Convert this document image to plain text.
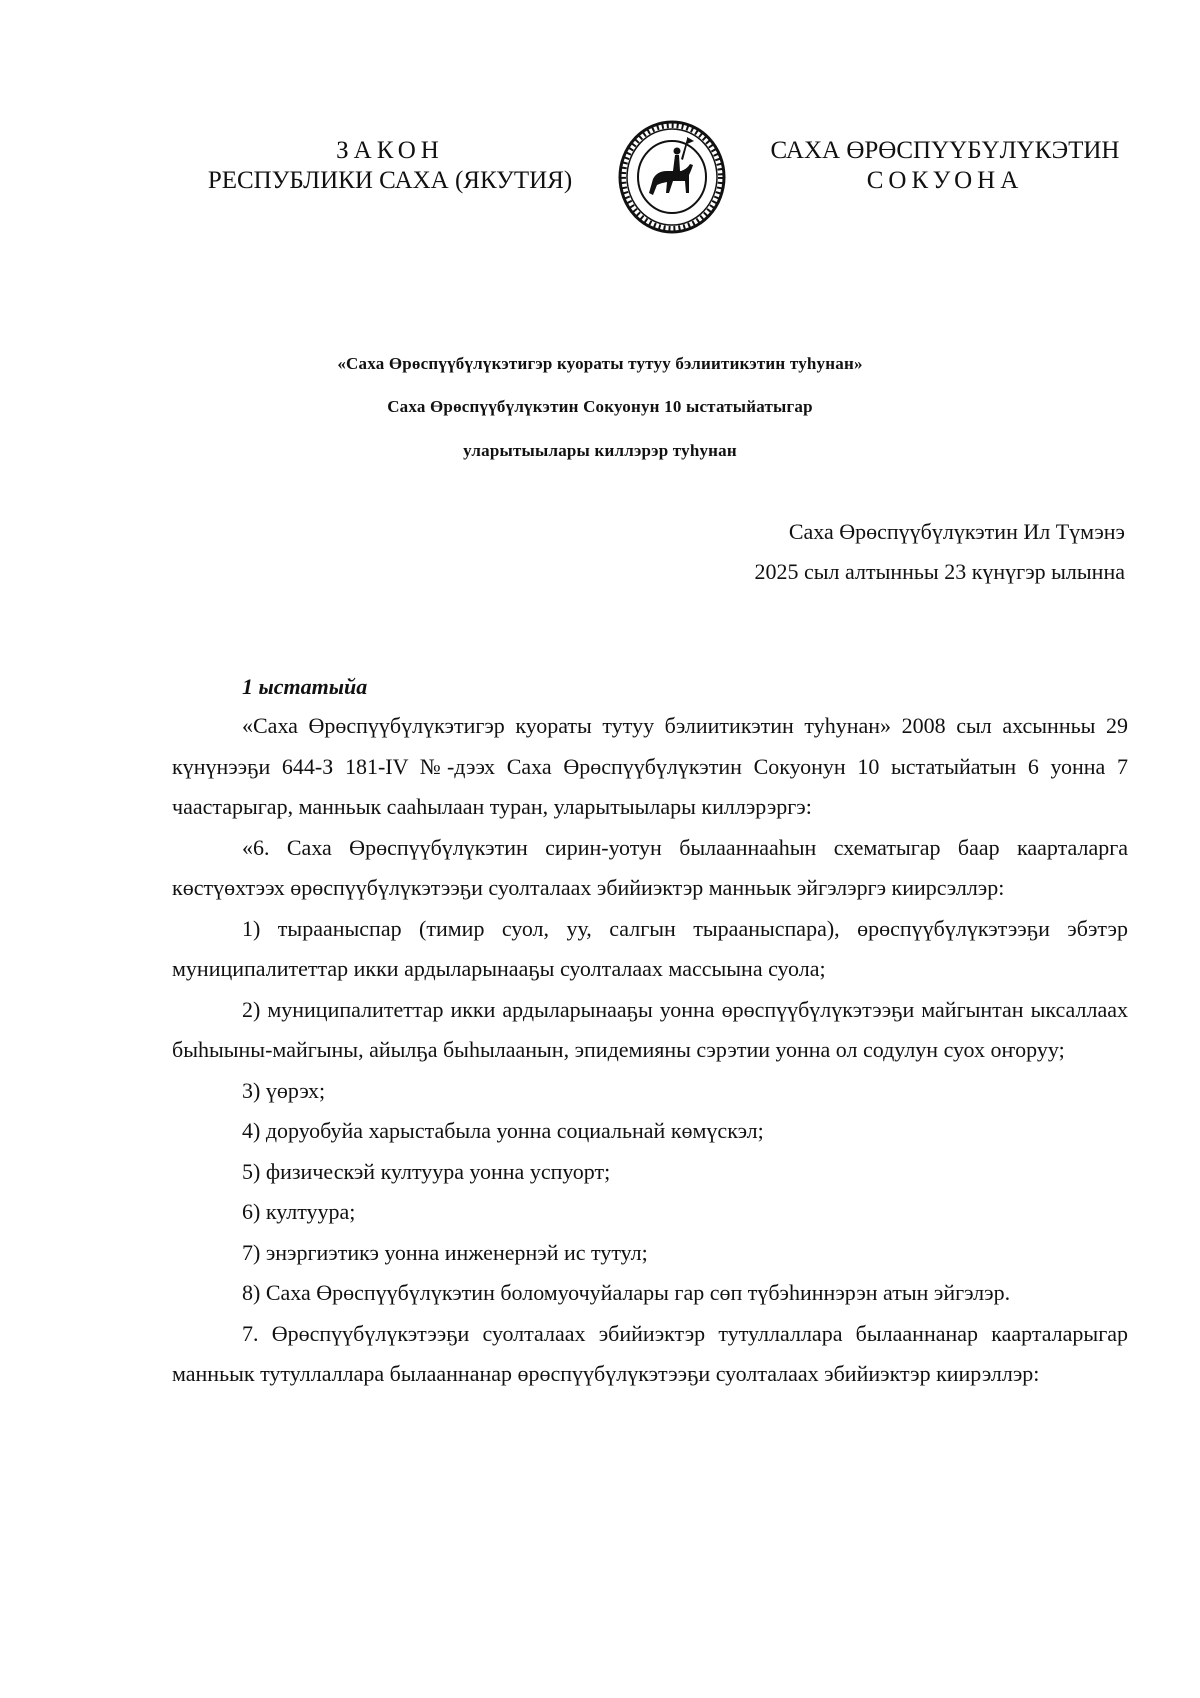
ЗАКОН
РЕСПУБЛИКИ САХА (ЯКУТИЯ)
САХА ӨРӨСПҮҮБҮЛҮКЭТИН
СОКУОНА
«Саха Өрөспүүбүлүкэтигэр куораты тутуу бэлиитикэтин туһунан»
Саха Өрөспүүбүлүкэтин Сокуонун 10 ыстатыйатыгар
уларытыылары киллэрэр туһунан
Саха Өрөспүүбүлүкэтин Ил Түмэнэ
2025 сыл алтынньы 23 күнүгэр ылынна
1 ыстатыйа

«Саха Өрөспүүбүлүкэтигэр куораты тутуу бэлиитикэтин туһунан» 2008 сыл ахсынньы 29 күнүнээҕи 644-З 181-IV №-дээх Саха Өрөспүүбүлүкэтин Сокуонун 10 ыстатыйатын 6 уонна 7 чаастарыгар, манньык сааһылаан туран, уларытыылары киллэрэргэ:

«6. Саха Өрөспүүбүлүкэтин сирин-уотун былааннааһын схематыгар баар каарталарга көстүөхтээх өрөспүүбүлүкэтээҕи суолталаах эбийиэктэр манньык эйгэлэргэ киирсэллэр:

1) тырааныспар (тимир суол, уу, салгын тырааныспара), өрөспүүбүлүкэтээҕи эбэтэр муниципалитеттар икки ардыларынааҕы суолталаах массыына суола;

2) муниципалитеттар икки ардыларынааҕы уонна өрөспүүбүлүкэтээҕи майгынтан ыксаллаах быһыыны-майгыны, айылҕа быһылаанын, эпидемияны сэрэтии уонна ол содулун суох оҥоруу;

3) үөрэх;

4) доруобуйа харыстабыла уонна социальнай көмүскэл;

5) физическэй култуура уонна успуорт;

6) култуура;

7) энэргиэтикэ уонна инженернэй ис тутул;

8) Саха Өрөспүүбүлүкэтин боломуочуйалары гар сөп түбэһиннэрэн атын эйгэлэр.

7. Өрөспүүбүлүкэтээҕи суолталаах эбийиэктэр тутуллаллара былааннанар каарталарыгар манньык тутуллаллара былааннанар өрөспүүбүлүкэтээҕи суолталаах эбийиэктэр киирэллэр:
